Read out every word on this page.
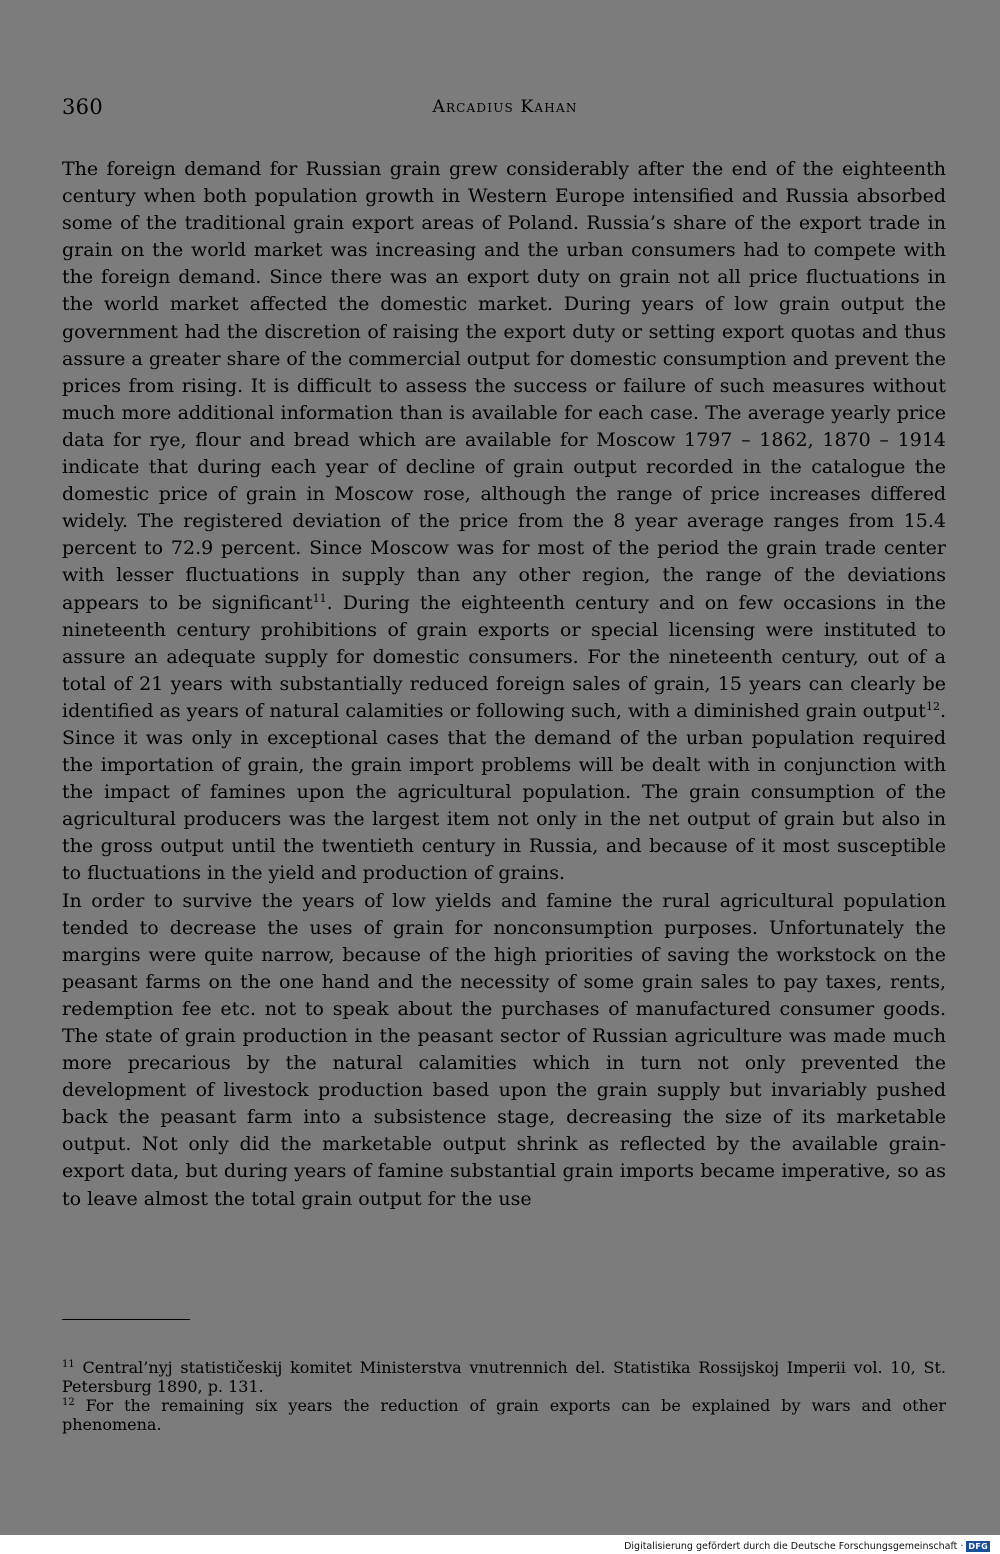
360	Arcadius Kahan

The foreign demand for Russian grain grew considerably after the end of the eighteenth century when both population growth in Western Europe intensified and Russia absorbed some of the traditional grain export areas of Poland. Russia’s share of the export trade in grain on the world market was increasing and the urban consumers had to compete with the foreign demand. Since there was an export duty on grain not all price fluctuations in the world market affected the domestic market. During years of low grain output the government had the discretion of raising the export duty or setting export quotas and thus assure a greater share of the commercial output for domestic consumption and prevent the prices from rising. It is difficult to assess the success or failure of such measures without much more additional information than is available for each case. The average yearly price data for rye, flour and bread which are available for Moscow 1797 – 1862, 1870 – 1914 indicate that during each year of decline of grain output recorded in the catalogue the domestic price of grain in Moscow rose, although the range of price increases differed widely. The registered deviation of the price from the 8 year average ranges from 15.4 percent to 72.9 percent. Since Moscow was for most of the period the grain trade center with lesser fluctuations in supply than any other region, the range of the deviations appears to be significant$^{11}$. During the eighteenth century and on few occasions in the nineteenth century prohibitions of grain exports or special licensing were instituted to assure an adequate supply for domestic consumers. For the nineteenth century, out of a total of 21 years with substantially reduced foreign sales of grain, 15 years can clearly be identified as years of natural calamities or following such, with a diminished grain output$^{12}$. Since it was only in exceptional cases that the demand of the urban population required the importation of grain, the grain import problems will be dealt with in conjunction with the impact of famines upon the agricultural population. The grain consumption of the agricultural producers was the largest item not only in the net output of grain but also in the gross output until the twentieth century in Russia, and because of it most susceptible to fluctuations in the yield and production of grains.

In order to survive the years of low yields and famine the rural agricultural population tended to decrease the uses of grain for nonconsumption purposes. Unfortunately the margins were quite narrow, because of the high priorities of saving the workstock on the peasant farms on the one hand and the necessity of some grain sales to pay taxes, rents, redemption fee etc. not to speak about the purchases of manufactured consumer goods. The state of grain production in the peasant sector of Russian agriculture was made much more precarious by the natural calamities which in turn not only prevented the development of livestock production based upon the grain supply but invariably pushed back the peasant farm into a subsistence stage, decreasing the size of its marketable output. Not only did the marketable output shrink as reflected by the available grain-export data, but during years of famine substantial grain imports became imperative, so as to leave almost the total grain output for the use

$^{11}$ Central’nyj statističeskij komitet Ministerstva vnutrennich del. Statistika Rossijskoj Imperii vol. 10, St. Petersburg 1890, p. 131.

$^{12}$ For the remaining six years the reduction of grain exports can be explained by wars and other phenomena.

Digitalisierung gefördert durch die Deutsche Forschungsgemeinschaft · DFG
